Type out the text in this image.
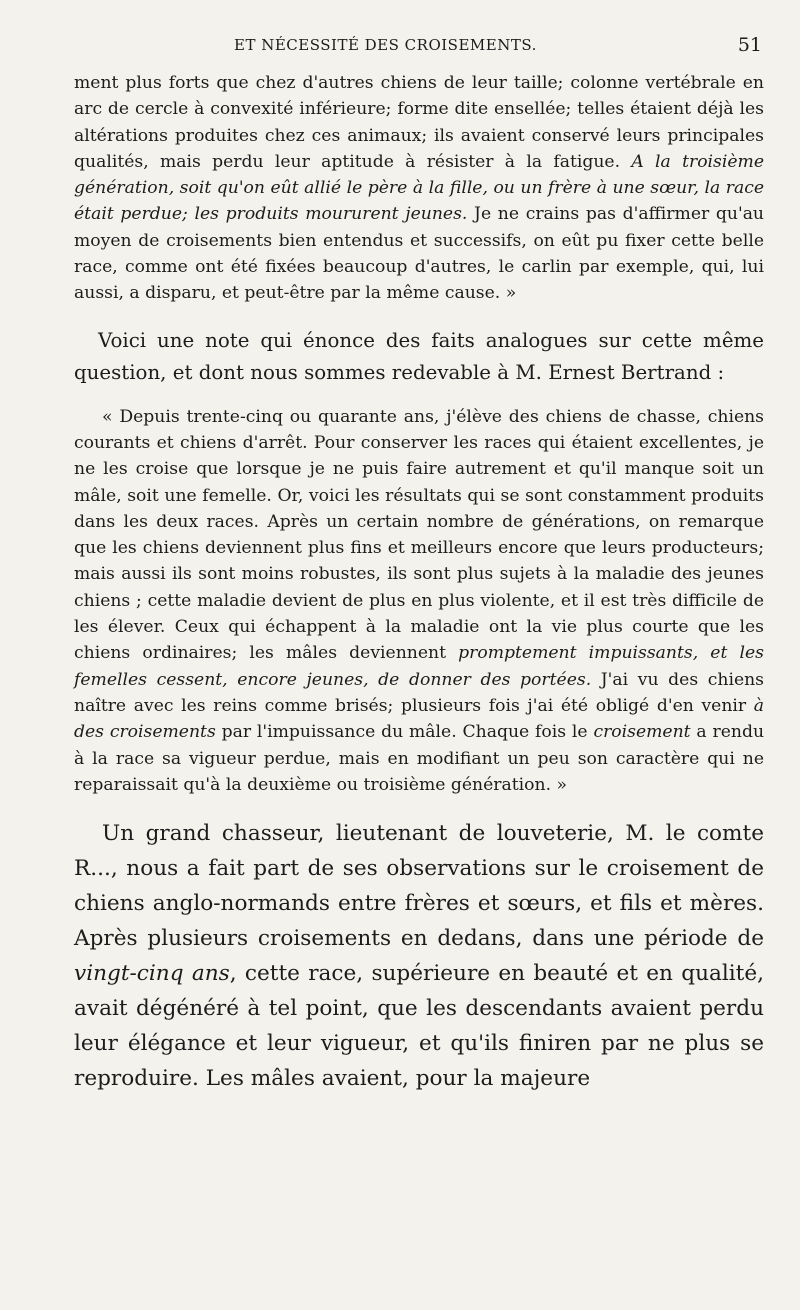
ET NÉCESSITÉ DES CROISEMENTS.	51

ment plus forts que chez d'autres chiens de leur taille; colonne vertébrale en arc de cercle à convexité inférieure; forme dite ensellée; telles étaient déjà les altérations produites chez ces animaux; ils avaient conservé leurs principales qualités, mais perdu leur aptitude à résister à la fatigue. A la troisième génération, soit qu'on eût allié le père à la fille, ou un frère à une sœur, la race était perdue; les produits moururent jeunes. Je ne crains pas d'affirmer qu'au moyen de croisements bien entendus et successifs, on eût pu fixer cette belle race, comme ont été fixées beaucoup d'autres, le carlin par exemple, qui, lui aussi, a disparu, et peut-être par la même cause. »

Voici une note qui énonce des faits analogues sur cette même question, et dont nous sommes redevable à M. Ernest Bertrand :

« Depuis trente-cinq ou quarante ans, j'élève des chiens de chasse, chiens courants et chiens d'arrêt. Pour conserver les races qui étaient excellentes, je ne les croise que lorsque je ne puis faire autrement et qu'il manque soit un mâle, soit une femelle. Or, voici les résultats qui se sont constamment produits dans les deux races. Après un certain nombre de générations, on remarque que les chiens deviennent plus fins et meilleurs encore que leurs producteurs; mais aussi ils sont moins robustes, ils sont plus sujets à la maladie des jeunes chiens ; cette maladie devient de plus en plus violente, et il est très difficile de les élever. Ceux qui échappent à la maladie ont la vie plus courte que les chiens ordinaires; les mâles deviennent promptement impuissants, et les femelles cessent, encore jeunes, de donner des portées. J'ai vu des chiens naître avec les reins comme brisés; plusieurs fois j'ai été obligé d'en venir à des croisements par l'impuissance du mâle. Chaque fois le croisement a rendu à la race sa vigueur perdue, mais en modifiant un peu son caractère qui ne reparaissait qu'à la deuxième ou troisième génération. »

Un grand chasseur, lieutenant de louveterie, M. le comte R..., nous a fait part de ses observations sur le croisement de chiens anglo-normands entre frères et sœurs, et fils et mères. Après plusieurs croisements en dedans, dans une période de vingt-cinq ans, cette race, supérieure en beauté et en qualité, avait dégénéré à tel point, que les descendants avaient perdu leur élégance et leur vigueur, et qu'ils finiren par ne plus se reproduire. Les mâles avaient, pour la majeure
